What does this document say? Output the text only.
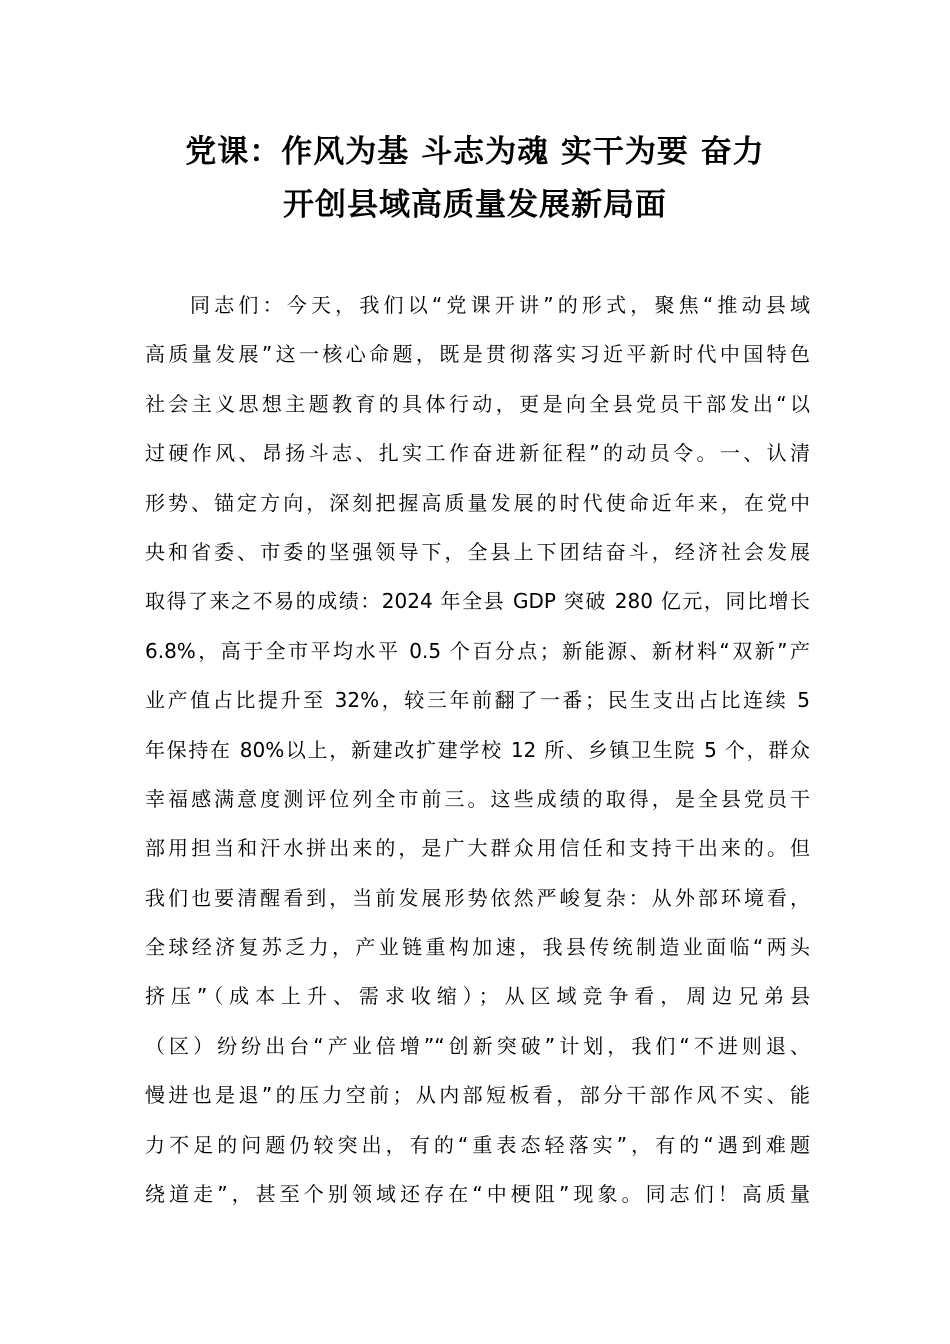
党课：作风为基 斗志为魂 实干为要 奋力
开创县域高质量发展新局面
同志们：今天，我们以“党课开讲”的形式，聚焦“推动县域
高质量发展”这一核心命题，既是贯彻落实习近平新时代中国特色
社会主义思想主题教育的具体行动，更是向全县党员干部发出“以
过硬作风、昂扬斗志、扎实工作奋进新征程”的动员令。一、认清
形势、锚定方向，深刻把握高质量发展的时代使命近年来，在党中
央和省委、市委的坚强领导下，全县上下团结奋斗，经济社会发展
取得了来之不易的成绩：2024 年全县 GDP 突破 280 亿元，同比增长
6.8%，高于全市平均水平 0.5 个百分点；新能源、新材料“双新”产
业产值占比提升至 32%，较三年前翻了一番；民生支出占比连续 5
年保持在 80%以上，新建改扩建学校 12 所、乡镇卫生院 5 个，群众
幸福感满意度测评位列全市前三。这些成绩的取得，是全县党员干
部用担当和汗水拼出来的，是广大群众用信任和支持干出来的。但
我们也要清醒看到，当前发展形势依然严峻复杂：从外部环境看，
全球经济复苏乏力，产业链重构加速，我县传统制造业面临“两头
挤压”（成本上升、需求收缩）；从区域竞争看，周边兄弟县
（区）纷纷出台“产业倍增”“创新突破”计划，我们“不进则退、
慢进也是退”的压力空前；从内部短板看，部分干部作风不实、能
力不足的问题仍较突出，有的“重表态轻落实”，有的“遇到难题
绕道走”，甚至个别领域还存在“中梗阻”现象。同志们！高质量
